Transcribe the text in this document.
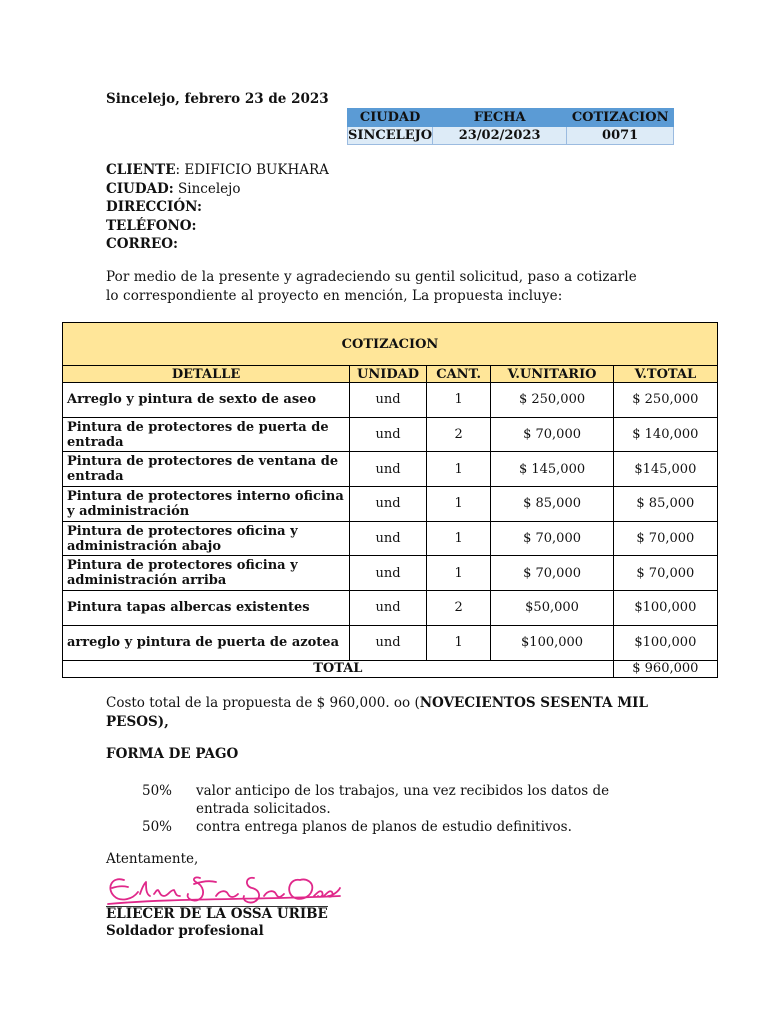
Sincelejo, febrero 23 de 2023
CIUDAD	FECHA	COTIZACION
SINCELEJO	23/02/2023	0071
CLIENTE: EDIFICIO BUKHARA
CIUDAD: Sincelejo
DIRECCIÓN:
TELÉFONO:
CORREO:
Por medio de la presente y agradeciendo su gentil solicitud, paso a cotizarle
lo correspondiente al proyecto en mención, La propuesta incluye:
COTIZACION				
DETALLE	UNIDAD	CANT.	V.UNITARIO	V.TOTAL

Arreglo y pintura de sexto de aseo	und	1	$ 250,000	$ 250,000

Pintura de protectores de puerta de
entrada	und	2	$ 70,000	$ 140,000

Pintura de protectores de ventana de
entrada	und	1	$ 145,000	$145,000

Pintura de protectores interno oficina
y administración	und	1	$ 85,000	$ 85,000

Pintura de protectores oficina y
administración abajo	und	1	$ 70,000	$ 70,000

Pintura de protectores oficina y
administración arriba	und	1	$ 70,000	$ 70,000

Pintura tapas albercas existentes	und	2	$50,000	$100,000

arreglo y pintura de puerta de azotea	und	1	$100,000	$100,000
TOTAL				$ 960,000
Costo total de la propuesta de $ 960,000. oo (NOVECIENTOS SESENTA MIL PESOS),
FORMA DE PAGO
50% valor anticipo de los trabajos, una vez recibidos los datos de
entrada solicitados.
50% contra entrega planos de planos de estudio definitivos.
Atentamente,
ELIECER DE LA OSSA URIBE
Soldador profesional
